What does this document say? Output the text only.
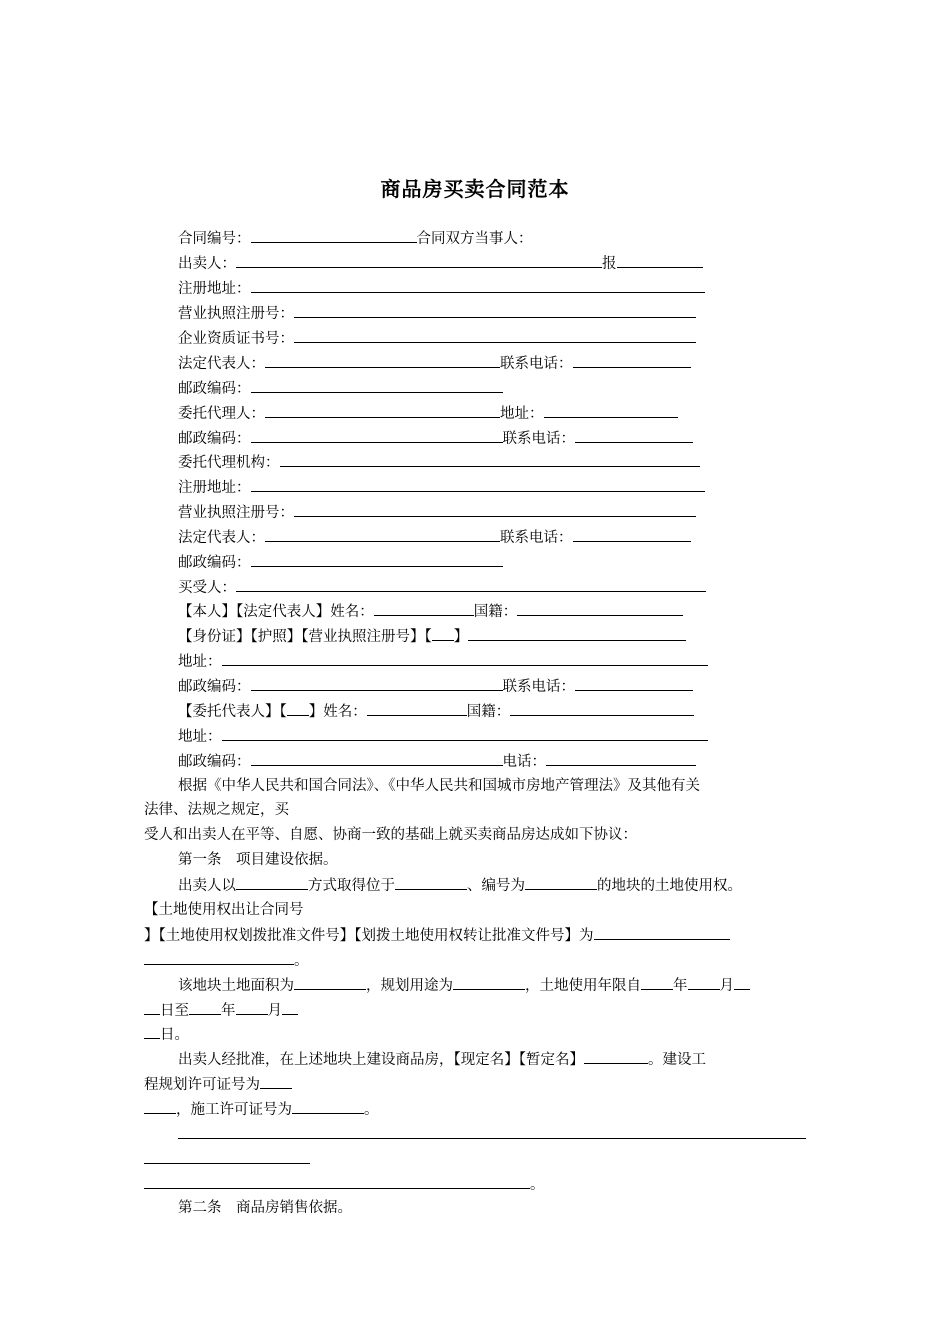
商品房买卖合同范本
合同编号：	合同双方当事人：
出卖人：	报
注册地址：
营业执照注册号：
企业资质证书号：
法定代表人：	联系电话：
邮政编码：
委托代理人：	地址：
邮政编码：	联系电话：
委托代理机构：
注册地址：
营业执照注册号：
法定代表人：	联系电话：
邮政编码：
买受人：
【本人】【法定代表人】姓名：	国籍：
【身份证】【护照】【营业执照注册号】【 】
地址：
邮政编码：	联系电话：
【委托代表人】【 】姓名：	国籍：
地址：
邮政编码：	电话：
根据《中华人民共和国合同法》、《中华人民共和国城市房地产管理法》及其他有关
法律、法规之规定，买
受人和出卖人在平等、自愿、协商一致的基础上就买卖商品房达成如下协议：
第一条　项目建设依据。
出卖人以	方式取得位于	、编号为	的地块的土地使用权。
【土地使用权出让合同号
】【土地使用权划拨批准文件号】【划拨土地使用权转让批准文件号】为
。
该地块土地面积为	，规划用途为	，土地使用年限自 年 月
日至 年 月
日。
出卖人经批准，在上述地块上建设商品房，【现定名】【暂定名】	。建设工
程规划许可证号为
，施工许可证号为	。
。
第二条　商品房销售依据。
